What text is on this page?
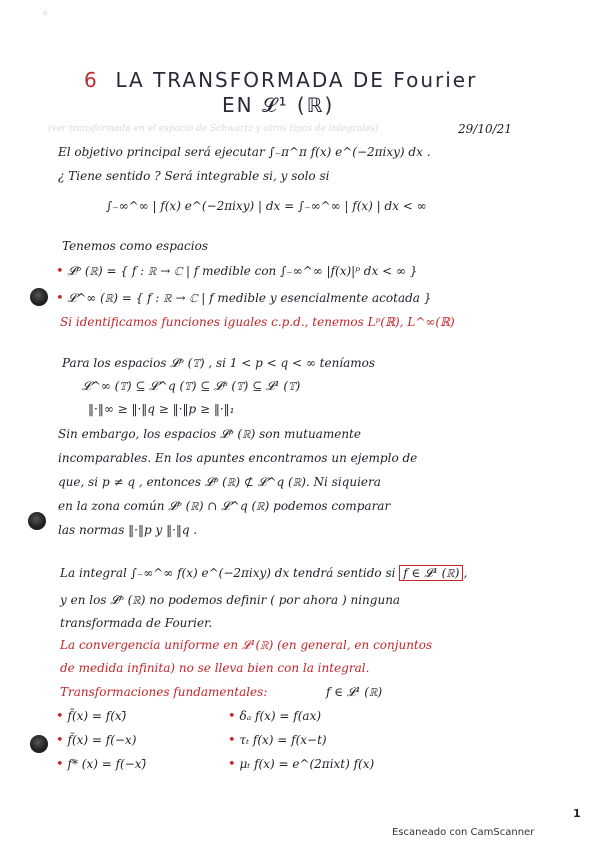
◦
6 LA TRANSFORMADA DE Fourier
EN 𝓛¹ (ℝ)
(ver transformada en el espacio de Schwartz y otros tipos de integrales)	29/10/21
El objetivo principal será ejecutar ∫₋π^π f(x) e^(−2πixy) dx .
¿ Tiene sentido ? Será integrable si, y solo si
∫₋∞^∞ | f(x) e^(−2πixy) | dx = ∫₋∞^∞ | f(x) | dx < ∞
Tenemos como espacios
• 𝓛ᵖ (ℝ) = { f : ℝ → ℂ | f medible con ∫₋∞^∞ |f(x)|ᵖ dx < ∞ }
• 𝓛^∞ (ℝ) = { f : ℝ → ℂ | f medible y esencialmente acotada }
Si identificamos funciones iguales c.p.d., tenemos Lᵖ(ℝ), L^∞(ℝ)
Para los espacios 𝓛ᵖ (𝕋) , si 1 < p < q < ∞ teníamos
𝓛^∞ (𝕋) ⊆ 𝓛^q (𝕋) ⊆ 𝓛ᵖ (𝕋) ⊆ 𝓛¹ (𝕋)
‖·‖∞ ≥ ‖·‖q ≥ ‖·‖p ≥ ‖·‖₁
Sin embargo, los espacios 𝓛ᵖ (ℝ) son mutuamente
incomparables. En los apuntes encontramos un ejemplo de
que, si p ≠ q , entonces 𝓛ᵖ (ℝ) ⊄ 𝓛^q (ℝ). Ni siquiera
en la zona común 𝓛ᵖ (ℝ) ∩ 𝓛^q (ℝ) podemos comparar
las normas ‖·‖p y ‖·‖q .
La integral ∫₋∞^∞ f(x) e^(−2πixy) dx tendrá sentido si f ∈ 𝓛¹ (ℝ) ,
y en los 𝓛ᵖ (ℝ) no podemos definir ( por ahora ) ninguna
transformada de Fourier.
La convergencia uniforme en 𝓛¹(ℝ) (en general, en conjuntos
de medida infinita) no se lleva bien con la integral.
Transformaciones fundamentales:	f ∈ 𝓛¹ (ℝ)
• f̄(x) = f(x)̄
• f̃(x) = f(−x)
• f* (x) = f(−x)̄
• δₐ f(x) = f(ax)
• τₜ f(x) = f(x−t)
• μₜ f(x) = e^(2πixt) f(x)
1
Escaneado con CamScanner
